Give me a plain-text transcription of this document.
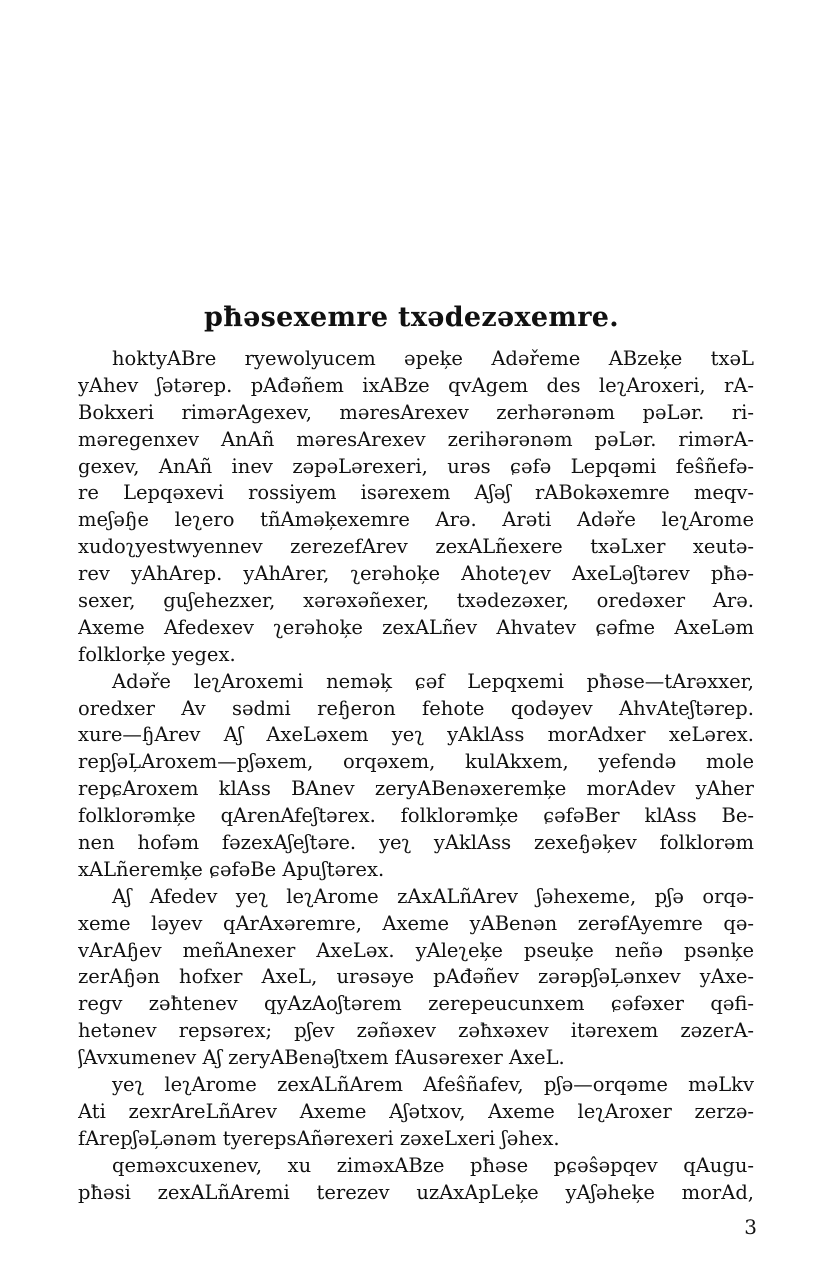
pħəsexemre txədezəxemre.
hoktyABre ryewolyucem əpeķe Adəřeme ABzeķe txəL
yAhev ʃətərep. pAđəñem ixABze qvAgem des leʅAroxeri, rA-
Bokxeri rimərAgexev, məresArexev zerhərənəm pəLər. ri-
məregenxev AnAñ məresArexev zerihərənəm pəLər. rimərA-
gexev, AnAñ inev zəpəLərexeri, urəs ɕəfə Lepqəmi feŝñefə-
re Lepqəxevi rossiyem isərexem Aʃəʃ rABokəxemre meqv-
meʃəɧe leʅero tñAməķexemre Arə. Arəti Adəře leʅArome
xudoʅyestwyennev zerezefArev zexALñexere txəLxer xeutə-
rev yAhArep. yAhArer, ʅerəhoķe Ahoteʅev AxeLəʃtərev pħə-
sexer, guʃehezxer, xərəxəñexer, txədezəxer, oredəxer Arə.
Axeme Afedexev ʅerəhoķe zexALñev Ahvatev ɕəfme AxeLəm
folklorķe yegex.
Adəře leʅAroxemi neməķ ɕəf Lepqxemi pħəse—tArəxxer,
oredxer Av sədmi reɧeron fehote qodəyev AhvAteʃtərep.
xure—ɧArev Aʃ AxeLəxem yeʅ yAklAss morAdxer xeLərex.
repʃəĻAroxem—pʃəxem, orqəxem, kulAkxem, yefendə mole
repɕAroxem klAss BAnev zeryABenəxeremķe morAdev yAher
folklorəmķe qArenAfeʃtərex. folklorəmķe ɕəfəBer klAss Be-
nen hofəm fəzexAʃeʃtəre. yeʅ yAklAss zexeɧəķev folklorəm
xALñeremķe ɕəfəBe Apuʃtərex.
Aʃ Afedev yeʅ leʅArome zAxALñArev ʃəhexeme, pʃə orqə-
xeme ləyev qArAxəremre, Axeme yABenən zerəfAyemre qə-
vArAɧev meñAnexer AxeLəx. yAleʅeķe pseuķe neñə psənķe
zerAɧən hofxer AxeL, urəsəye pAđəñev zərəpʃəĻənxev yAxe-
regv zəħtenev qyAzAoʃtərem zerepeucunxem ɕəfəxer qəfi-
hetənev repsərex; pʃev zəñəxev zəħxəxev itərexem zəzerA-
ʃAvxumenev Aʃ zeryABenəʃtxem fAusərexer AxeL.
yeʅ leʅArome zexALñArem Afeŝñafev, pʃə—orqəme məLkv
Ati zexrAreLñArev Axeme Aʃətxov, Axeme leʅAroxer zerzə-
fArepʃəĻənəm tyerepsAñərexeri zəxeLxeri ʃəhex.
qeməxcuxenev, xu ziməxABze pħəse pɕəŝəpqev qAugu-
pħəsi zexALñAremi terezev uzAxApLeķe yAʃəheķe morAd,
3
